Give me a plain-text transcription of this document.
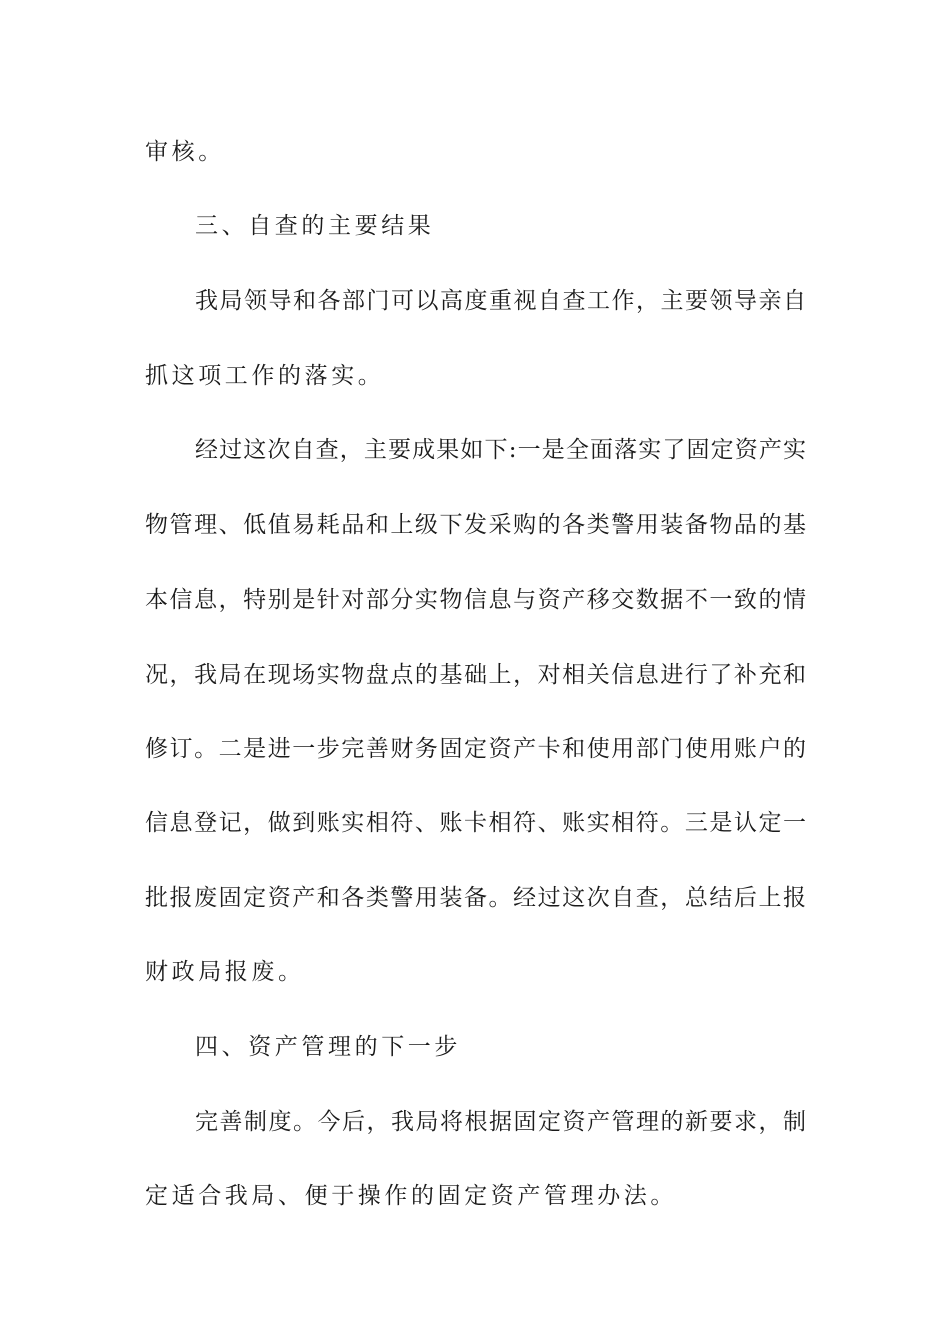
审核。
三、自查的主要结果
我局领导和各部门可以高度重视自查工作，主要领导亲自
抓这项工作的落实。
经过这次自查，主要成果如下:一是全面落实了固定资产实
物管理、低值易耗品和上级下发采购的各类警用装备物品的基
本信息，特别是针对部分实物信息与资产移交数据不一致的情
况，我局在现场实物盘点的基础上，对相关信息进行了补充和
修订。二是进一步完善财务固定资产卡和使用部门使用账户的
信息登记，做到账实相符、账卡相符、账实相符。三是认定一
批报废固定资产和各类警用装备。经过这次自查，总结后上报
财政局报废。
四、资产管理的下一步
完善制度。今后，我局将根据固定资产管理的新要求，制
定适合我局、便于操作的固定资产管理办法。
